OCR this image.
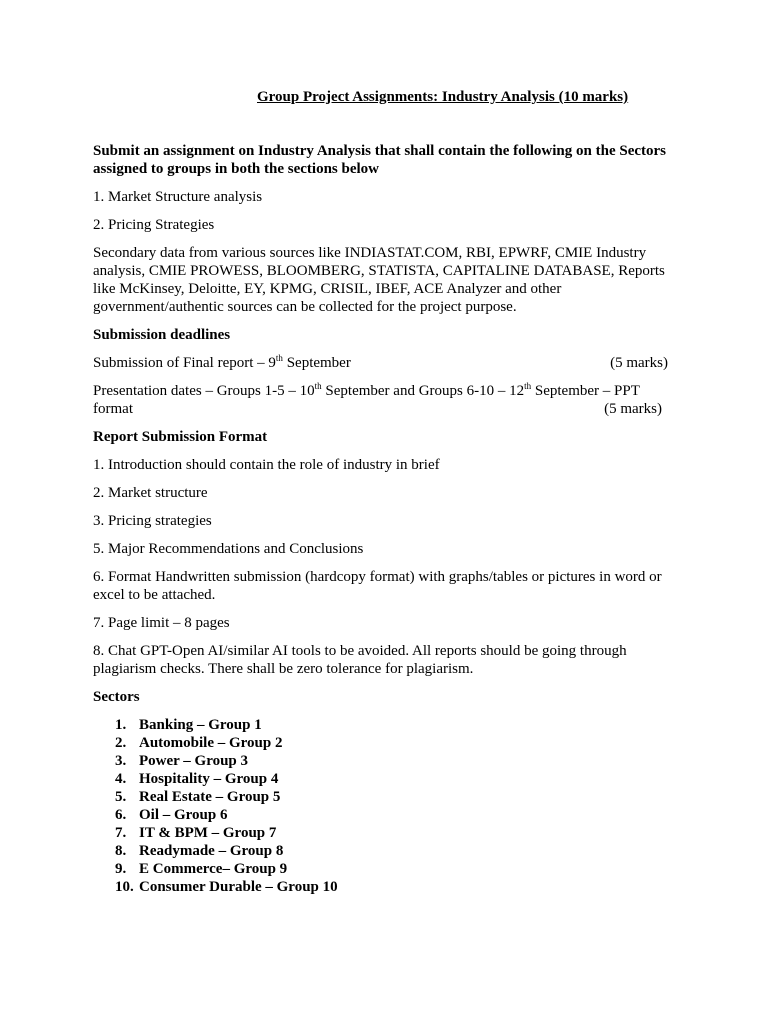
Group Project Assignments: Industry Analysis (10 marks)

Submit an assignment on Industry Analysis that shall contain the following on the Sectors assigned to groups in both the sections below

1. Market Structure analysis

2. Pricing Strategies

Secondary data from various sources like INDIASTAT.COM, RBI, EPWRF, CMIE Industry analysis, CMIE PROWESS, BLOOMBERG, STATISTA, CAPITALINE DATABASE, Reports like McKinsey, Deloitte, EY, KPMG, CRISIL, IBEF, ACE Analyzer and other government/authentic sources can be collected for the project purpose.

Submission deadlines

Submission of Final report – 9th September	(5 marks)

Presentation dates – Groups 1-5 – 10th September and Groups 6-10 – 12th September – PPT
format	(5 marks)

Report Submission Format

1. Introduction should contain the role of industry in brief

2. Market structure

3. Pricing strategies

5. Major Recommendations and Conclusions

6. Format Handwritten submission (hardcopy format) with graphs/tables or pictures in word or excel to be attached.

7. Page limit – 8 pages

8. Chat GPT-Open AI/similar AI tools to be avoided. All reports should be going through plagiarism checks. There shall be zero tolerance for plagiarism.

Sectors

1. Banking – Group 1
2. Automobile – Group 2
3. Power – Group 3
4. Hospitality – Group 4
5. Real Estate – Group 5
6. Oil – Group 6
7. IT & BPM – Group 7
8. Readymade – Group 8
9. E Commerce– Group 9
10. Consumer Durable – Group 10
